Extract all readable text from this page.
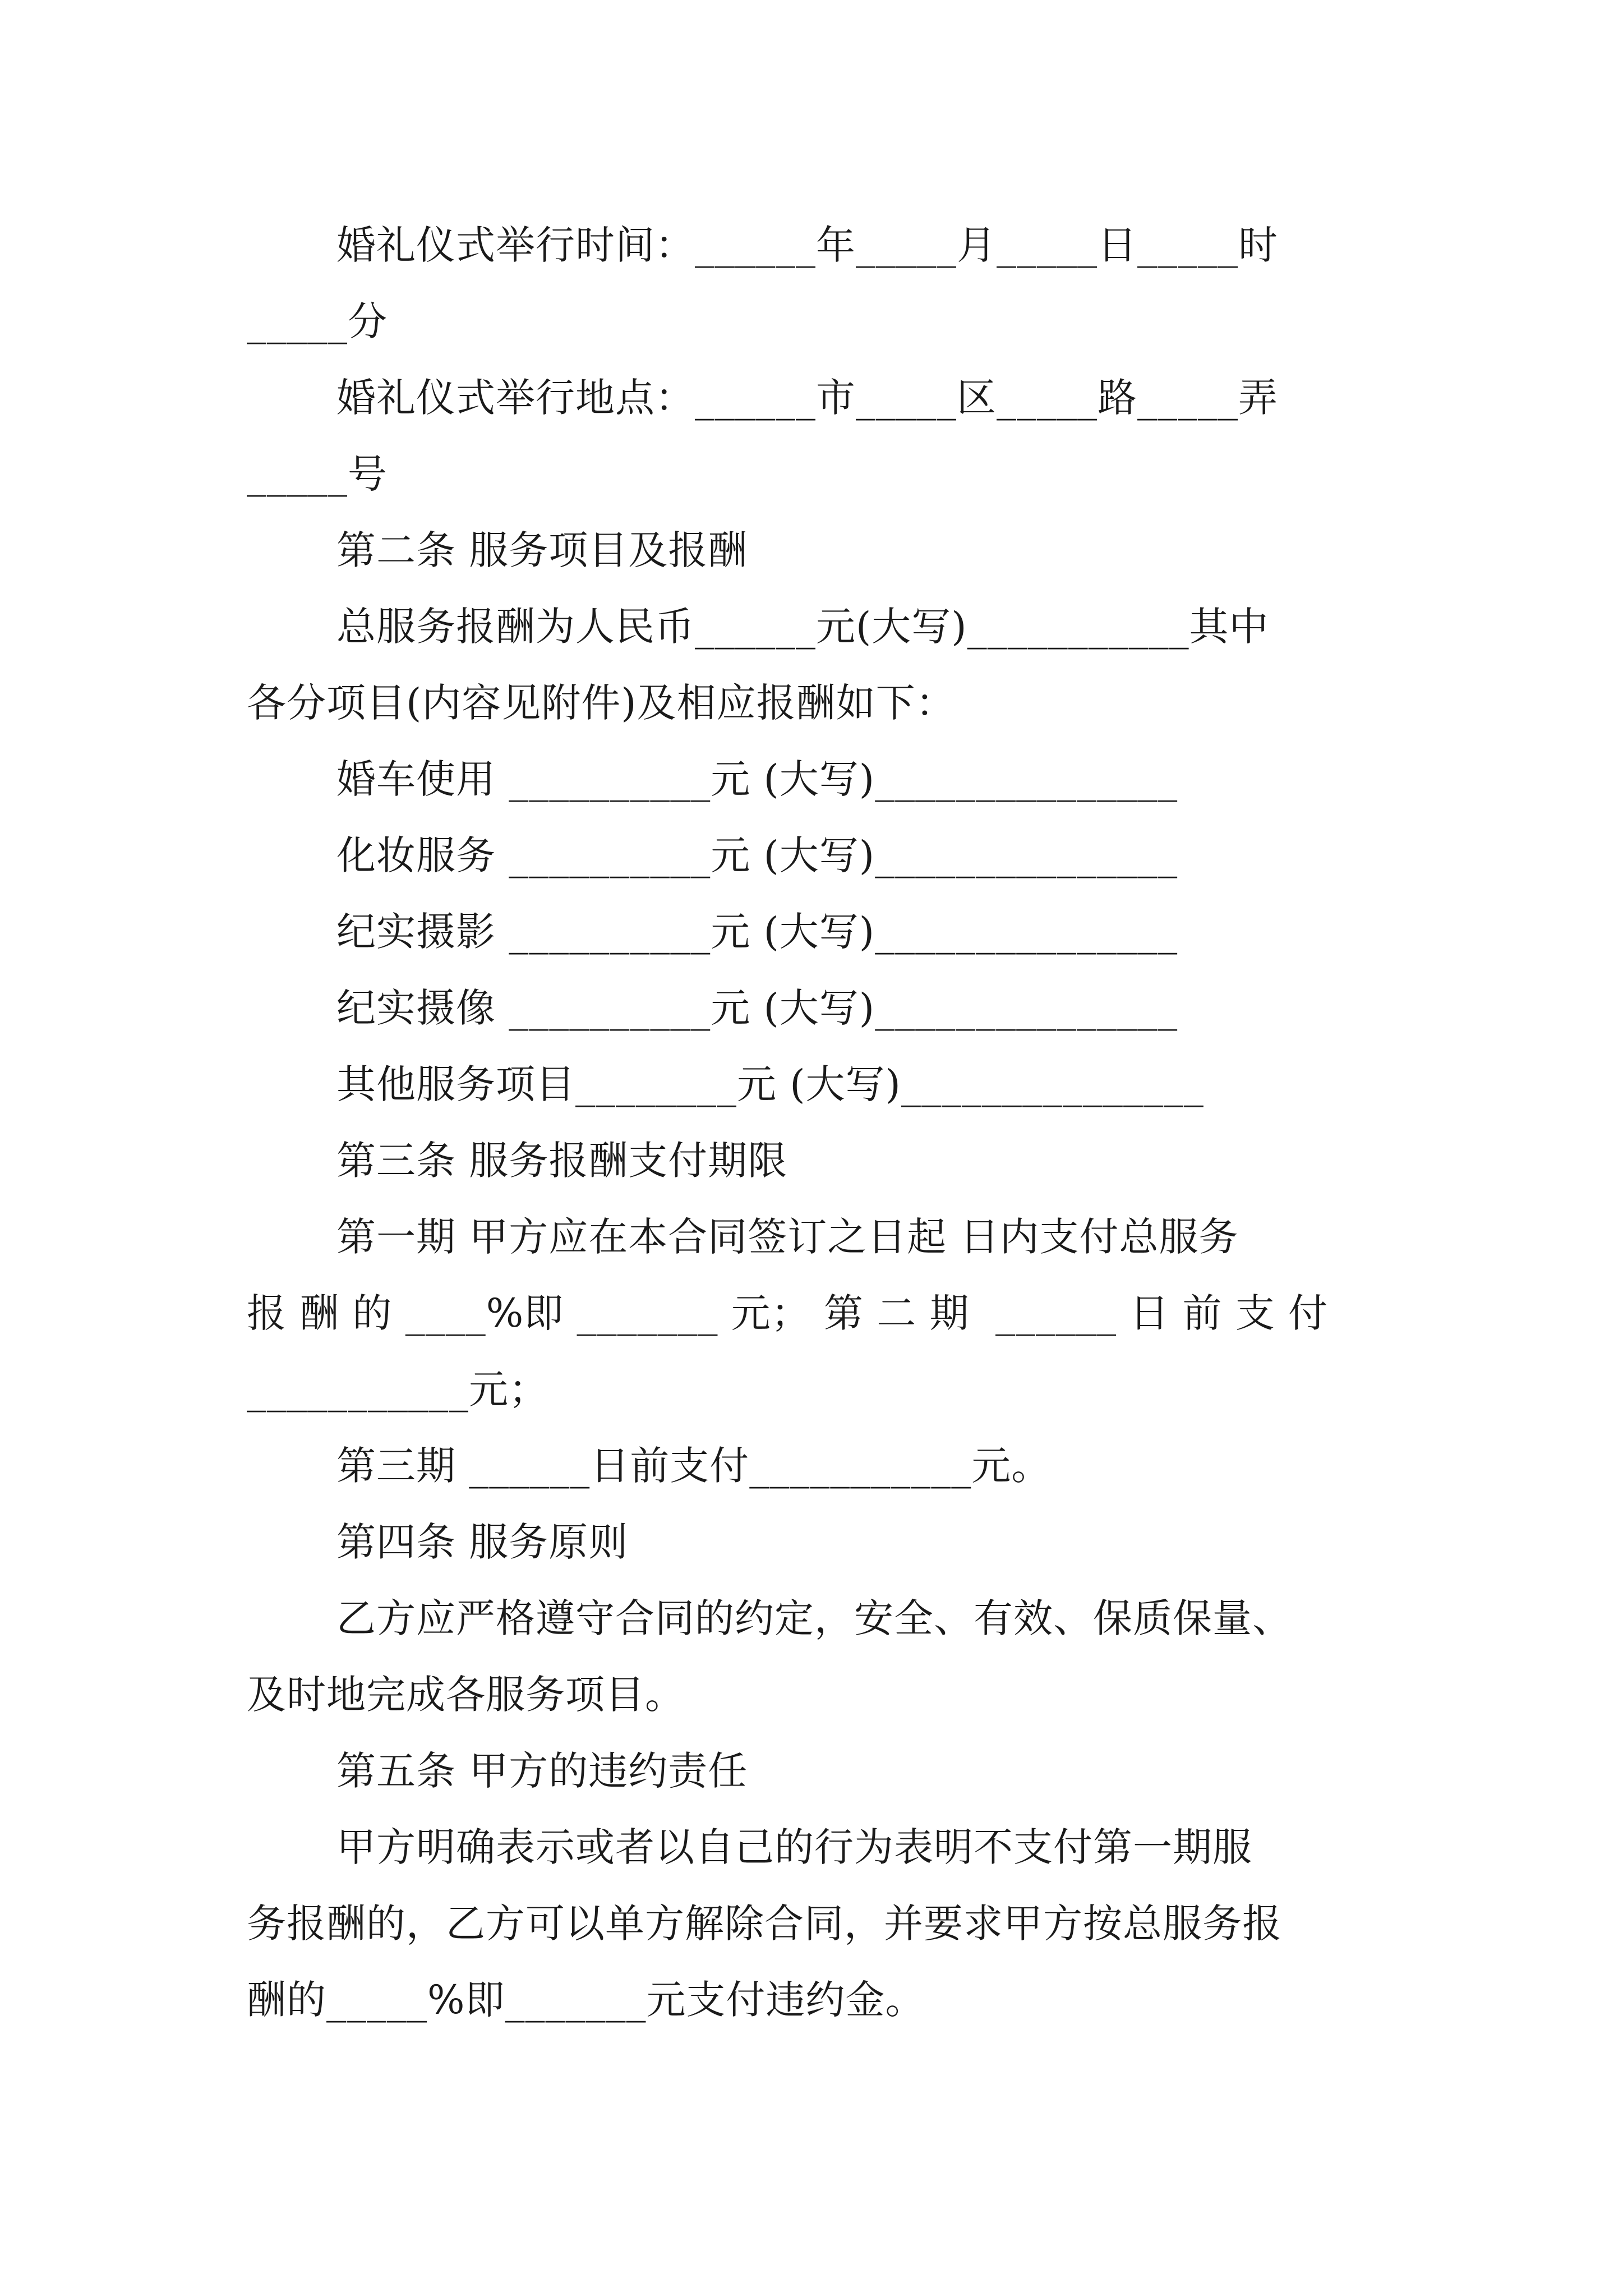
婚礼仪式举行时间：______年_____月_____日_____时
_____分
婚礼仪式举行地点：______市_____区_____路_____弄
_____号
第二条 服务项目及报酬
总服务报酬为人民币______元(大写)___________其中
各分项目(内容见附件)及相应报酬如下：
婚车使用 __________元 (大写)_______________
化妆服务 __________元 (大写)_______________
纪实摄影 __________元 (大写)_______________
纪实摄像 __________元 (大写)_______________
其他服务项目________元 (大写)_______________
第三条 服务报酬支付期限
第一期 甲方应在本合同签订之日起 日内支付总服务
报 酬 的 ____%即 _______ 元； 第 二 期  ______ 日 前 支 付
___________元；
第三期 ______日前支付___________元。
第四条 服务原则
乙方应严格遵守合同的约定，安全、有效、保质保量、
及时地完成各服务项目。
第五条 甲方的违约责任
甲方明确表示或者以自己的行为表明不支付第一期服
务报酬的，乙方可以单方解除合同，并要求甲方按总服务报
酬的_____%即_______元支付违约金。
